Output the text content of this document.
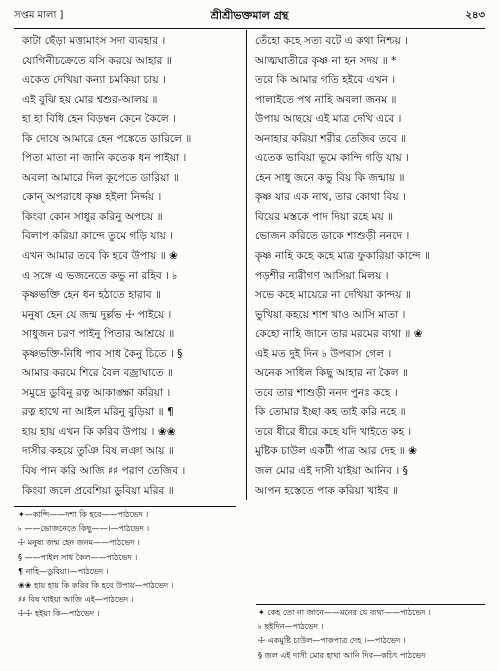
সপ্তম মালা ]	শ্রীশ্রীভক্তমাল গ্রন্থ	২৪৩
কাটা ছেঁড়া মত্ত্যমাংস সদা ব্যবহার ।
যোগিনীচক্রেতে বসি করয়ে আহার ॥
একেত দেখিয়া কন্যা চমকিয়া চায় ।
এই বুঝি হয় মোর শ্বশুর-আলয় ॥
হা হা বিধি হেন বিড়ম্বন কেনে কৈলে ।
কি দোষে আমারে হেন পঙ্কেতে ডারিলে ॥
পিতা মাতা না জানি কতেক ধন পাইয়া ।
অবলা আমারে দিল কূপেতে ডারিয়া ॥
কোন্ অপরাধে কৃষ্ণ হইলা নির্দ্দয় ।
কিংবা কোন সাধুর করিনু অপচয় ॥
বিলাপ করিয়া কান্দে তুমে গড়ি যায় ।
এখন আমার তবে কি হবে উপায় ॥ ❀
এ সঙ্গে এ ভজনেতে কভু না রহিব । ♭
কৃষ্ণভক্তি হেন ধন হঠাতে হারাব ॥
মনুষ্য হেন যে জন্ম দুর্ল্লভ ☩ পাইয়ে ।
সাধুজন চরণ পাইনু পিতার আশ্রয়ে ॥
কৃষ্ণভক্তি-নিধি পাব সাধ কৈনু চিতে । §
আমার করমে শিরে বৈল বজ্রাঘাতে ॥
সমুদ্রে ডুবিনু রত্ন আকাঙ্ক্ষা করিয়া ।
রত্ন হাথে না আইল মরিনু বুড়িয়া ॥ ¶
হায় হায় এখন কি করিব উপায় । ❀❀
দাসীর কহয়ে তুঞি বিষ লঞা আয় ॥
বিষ পান করি আজি ♯♯ পরাণ তেজিব ।
কিংবা জলে প্রবেশিয়া ডুবিয়া মরিব ॥
তেঁহো কহে সত্য বটে এ কথা নিশ্চয় ।
আত্মঘাতীরে কৃষ্ণ না হন সদয় ॥ *
তবে কি আমার গতি হইবে এখন ।
পালাইতে পথ নাহি অবলা জনম ॥
উপায় আছয়ে এই মাত্র দেখি এবে ।
অনাহার করিয়া শরীর তেজিব তবে ॥
এতেক ভাবিয়া ভূমে কান্দি গড়ি যায় ।
হেন সাধু জনে কভু বিয় কি জন্মায় ॥
কৃষ্ণ যার এক নাথ, তার কোথা বিয় ।
বিয়ের মস্তকে পাদ দিয়া রহে ময় ॥
ভোজন করিতে ডাকে শাশুড়ী ননদে ।
কৃষ্ণ নাহি কহে কহে মাত্র ফুকারিয়া কান্দে ॥
পড়শীর নারীগণ আসিয়া মিলয় ।
সভে কহে মায়েরে না দেখিয়া কান্দয় ॥
ভুখিয়া কহয়ে শাশ খাও আসি মাতা ।
কেহো নাহি জানে তার মরমের ব্যথা ॥ ❀
এই মত দুই দিন ♭ উপবাস গেল ।
অনেক সাধিল কিছু আহার না কৈল ॥
তবে তার শাশুড়ী ননদ পুনঃ কহে ।
কি তোমার ইচ্ছা কহ তাই করি নহে ॥
তবে ধীরে ধীরে কহে যদি খাইতে কহ ।
মুষ্টিক চাউল একটী পাত্র আর দেহ ॥ ❀
জল মোর এই দাসী যাইয়া আনিব । §
আপন হস্তেতে পাক করিয়া খাইব ॥
✦—কান্দি——দশা কি হবে——পাঠভেদ ।
♭ ——ভোজনেতে কিছু——।—পাঠভেদ ।
☩ মনুষ্য জন্ম হেন জনম——পাঠভেদ ।
§ ——পাইল সাধ কৈল——পাঠভেদ ।
¶ নাহি—ডুবিয়া।—পাঠভেদ ।
❀❀ হায় হায় কি করিব কি হবে উপায়—পাঠভেদ ।
♯♯ বিষ খাইয়া আজি এই—পাঠভেদ ।
☩☩ হইয়া কি—পাঠভেদ ।	✦ কেহ তো না জানে——মনের যে ব্যথা——পাঠভেদ ।
♭ ছইদিন—পাঠভেদ ।
☩ একমুষ্টি চাউল—পাকপাত্র দেহ ।—পাঠভেদ ।
§ জল এই দাসী মোর হাথা আনি দিব—কচিৎ পাঠভেদ
